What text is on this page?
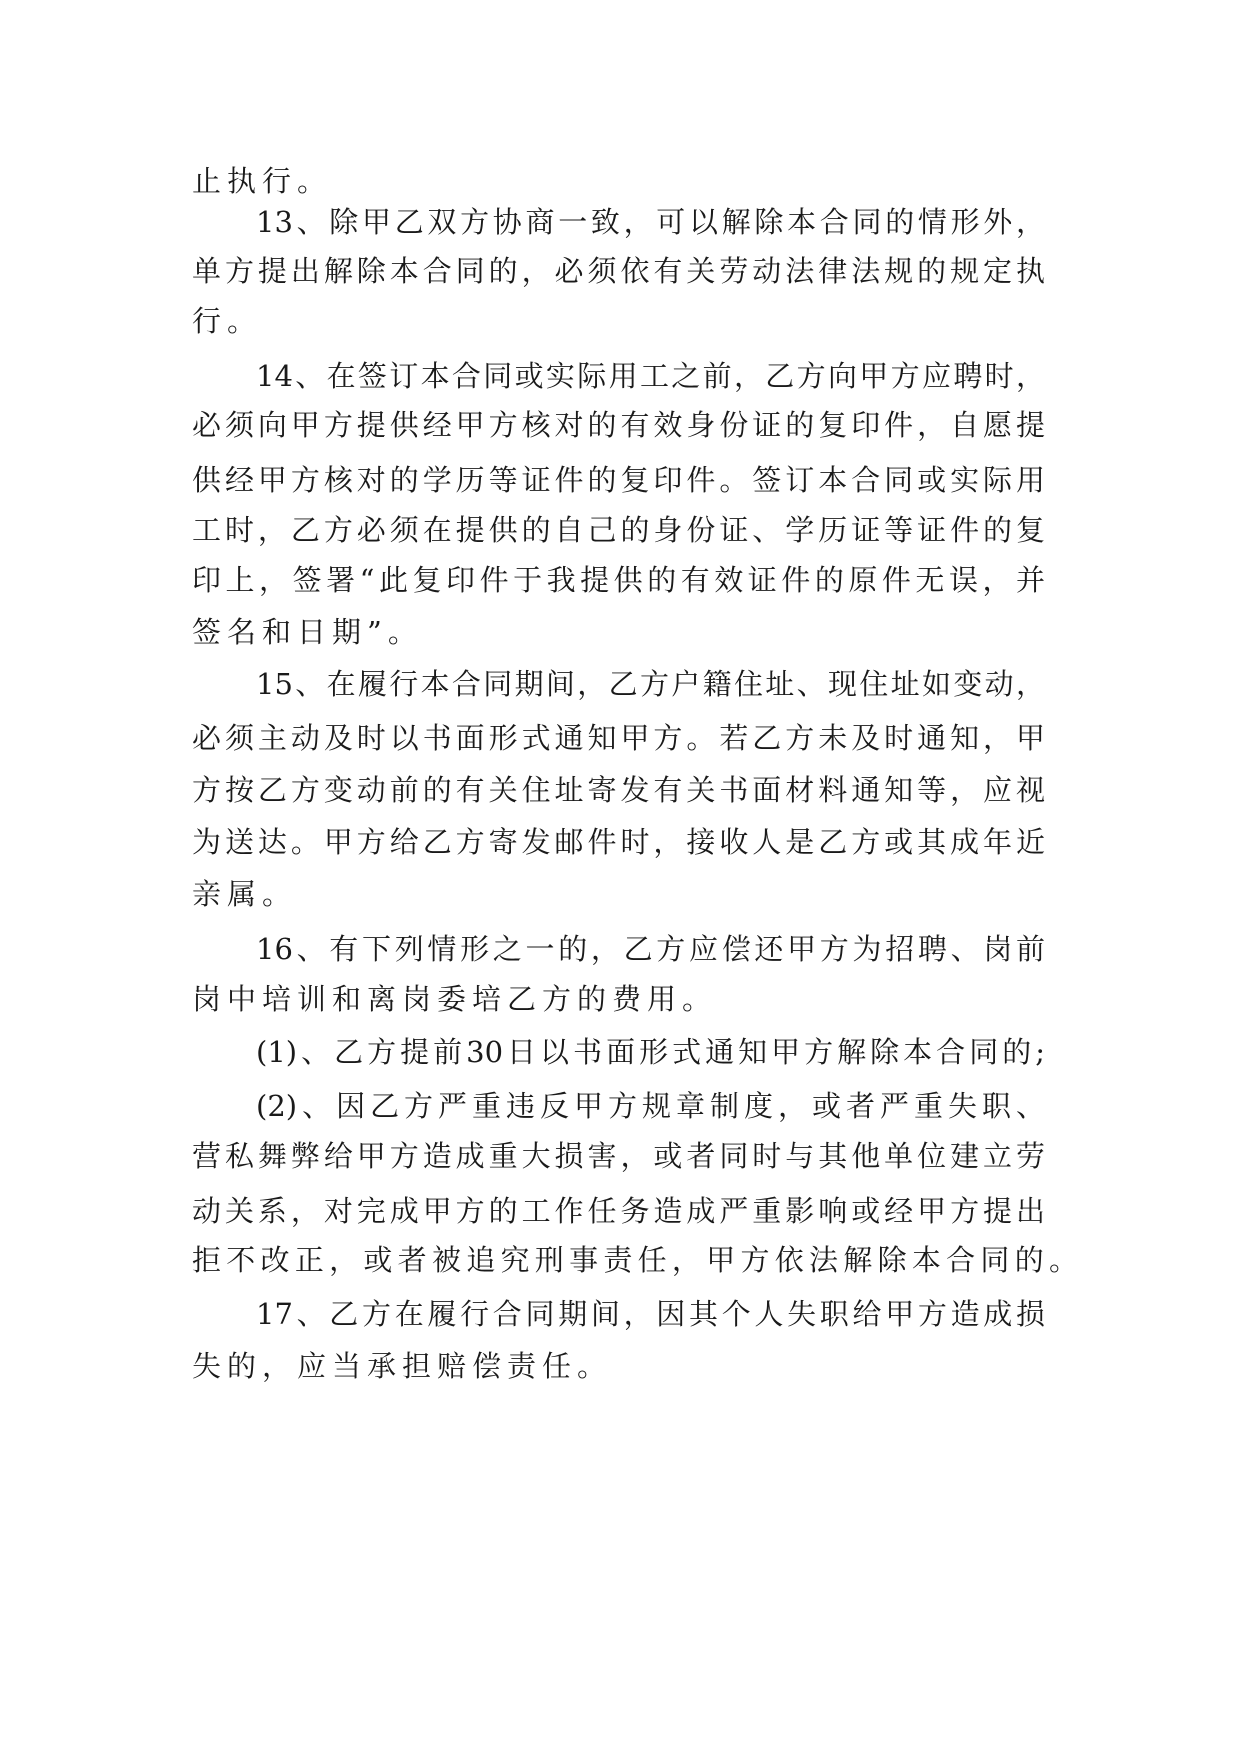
止执行。

13、除甲乙双方协商一致，可以解除本合同的情形外，

单方提出解除本合同的，必须依有关劳动法律法规的规定执

行。

14、在签订本合同或实际用工之前，乙方向甲方应聘时，

必须向甲方提供经甲方核对的有效身份证的复印件，自愿提

供经甲方核对的学历等证件的复印件。签订本合同或实际用

工时，乙方必须在提供的自己的身份证、学历证等证件的复

印上，签署“此复印件于我提供的有效证件的原件无误，并

签名和日期”。

15、在履行本合同期间，乙方户籍住址、现住址如变动，

必须主动及时以书面形式通知甲方。若乙方未及时通知，甲

方按乙方变动前的有关住址寄发有关书面材料通知等，应视

为送达。甲方给乙方寄发邮件时，接收人是乙方或其成年近

亲属。

16、有下列情形之一的，乙方应偿还甲方为招聘、岗前

岗中培训和离岗委培乙方的费用。

(1)、乙方提前30日以书面形式通知甲方解除本合同的;

(2)、因乙方严重违反甲方规章制度，或者严重失职、

营私舞弊给甲方造成重大损害，或者同时与其他单位建立劳

动关系，对完成甲方的工作任务造成严重影响或经甲方提出

拒不改正，或者被追究刑事责任，甲方依法解除本合同的。

17、乙方在履行合同期间，因其个人失职给甲方造成损

失的，应当承担赔偿责任。
